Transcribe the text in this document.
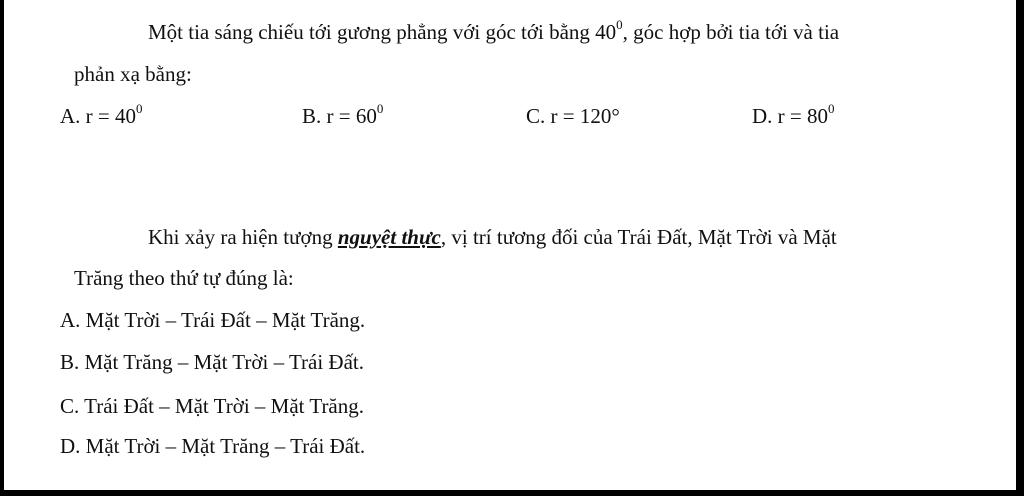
Một tia sáng chiếu tới gương phẳng với góc tới bằng $40^0$, góc hợp bởi tia tới và tia
phản xạ bằng:
A. $r = 40^0$	B. $r = 60^0$	C. r = 120°	D. $r = 80^0$
Khi xảy ra hiện tượng nguyệt thực, vị trí tương đối của Trái Đất, Mặt Trời và Mặt
Trăng theo thứ tự đúng là:
A. Mặt Trời – Trái Đất – Mặt Trăng.
B. Mặt Trăng – Mặt Trời – Trái Đất.
C. Trái Đất – Mặt Trời – Mặt Trăng.
D. Mặt Trời – Mặt Trăng – Trái Đất.
